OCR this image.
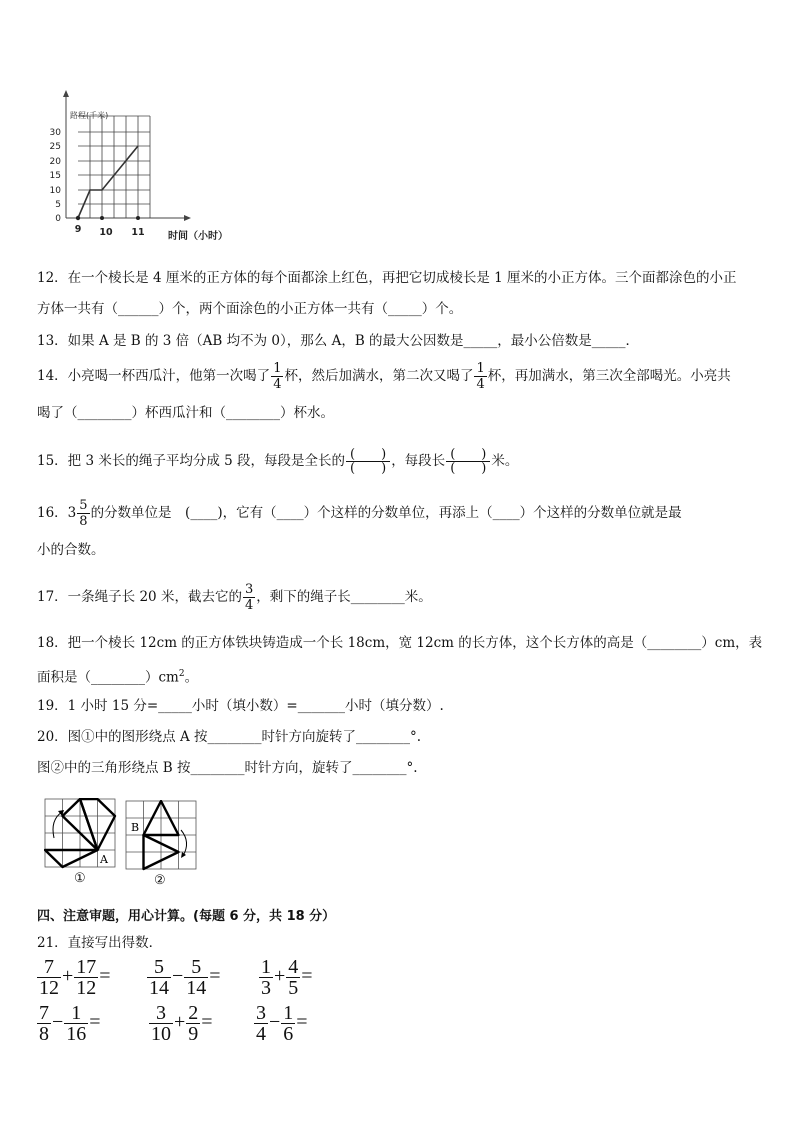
路程(千米)
30
25
20
15
10
5
0
9 10 11 时间（小时）
12．在一个棱长是 4 厘米的正方体的每个面都涂上红色，再把它切成棱长是 1 厘米的小正方体。三个面都涂色的小正
方体一共有（______）个，两个面涂色的小正方体一共有（_____）个。
13．如果 A 是 B 的 3 倍（AB 均不为 0），那么 A，B 的最大公因数是_____，最小公倍数是_____．
14．小亮喝一杯西瓜汁，他第一次喝了 $\frac{1}{4}$ 杯，然后加满水，第二次又喝了 $\frac{1}{4}$ 杯，再加满水，第三次全部喝光。小亮共
喝了（________）杯西瓜汁和（________）杯水。
15．把 3 米长的绳子平均分成 5 段，每段是全长的 $\frac{( )}{( )}$ ，每段长 $\frac{( )}{( )}$ 米。
16．$3 \frac{5}{8}$ 的分数单位是　(____)，它有（____）个这样的分数单位，再添上（____）个这样的分数单位就是最
小的合数。
17．一条绳子长 20 米，截去它的 $\frac{3}{4}$ ，剩下的绳子长________米。
18．把一个棱长 12cm 的正方体铁块铸造成一个长 18cm，宽 12cm 的长方体，这个长方体的高是（________）cm，表
面积是$(\_\_\_\_\_\_\_\_)cm^2$。
19．1 小时 15 分=_____小时（填小数）=_______小时（填分数）.
20．图①中的图形绕点 A 按________时针方向旋转了________°.
图②中的三角形绕点 B 按________时针方向，旋转了________°.
A
①
B
②
四、注意审题，用心计算。(每题 6 分，共 18 分）
21．直接写出得数．
$\frac{7}{12} + \frac{17}{12} = \frac{5}{14} - \frac{5}{14} = \frac{1}{3} + \frac{4}{5}$ =
$\frac{7}{8} - \frac{1}{16} = \frac{3}{10} + \frac{2}{9} = \frac{3}{4} - \frac{1}{6}$ =
